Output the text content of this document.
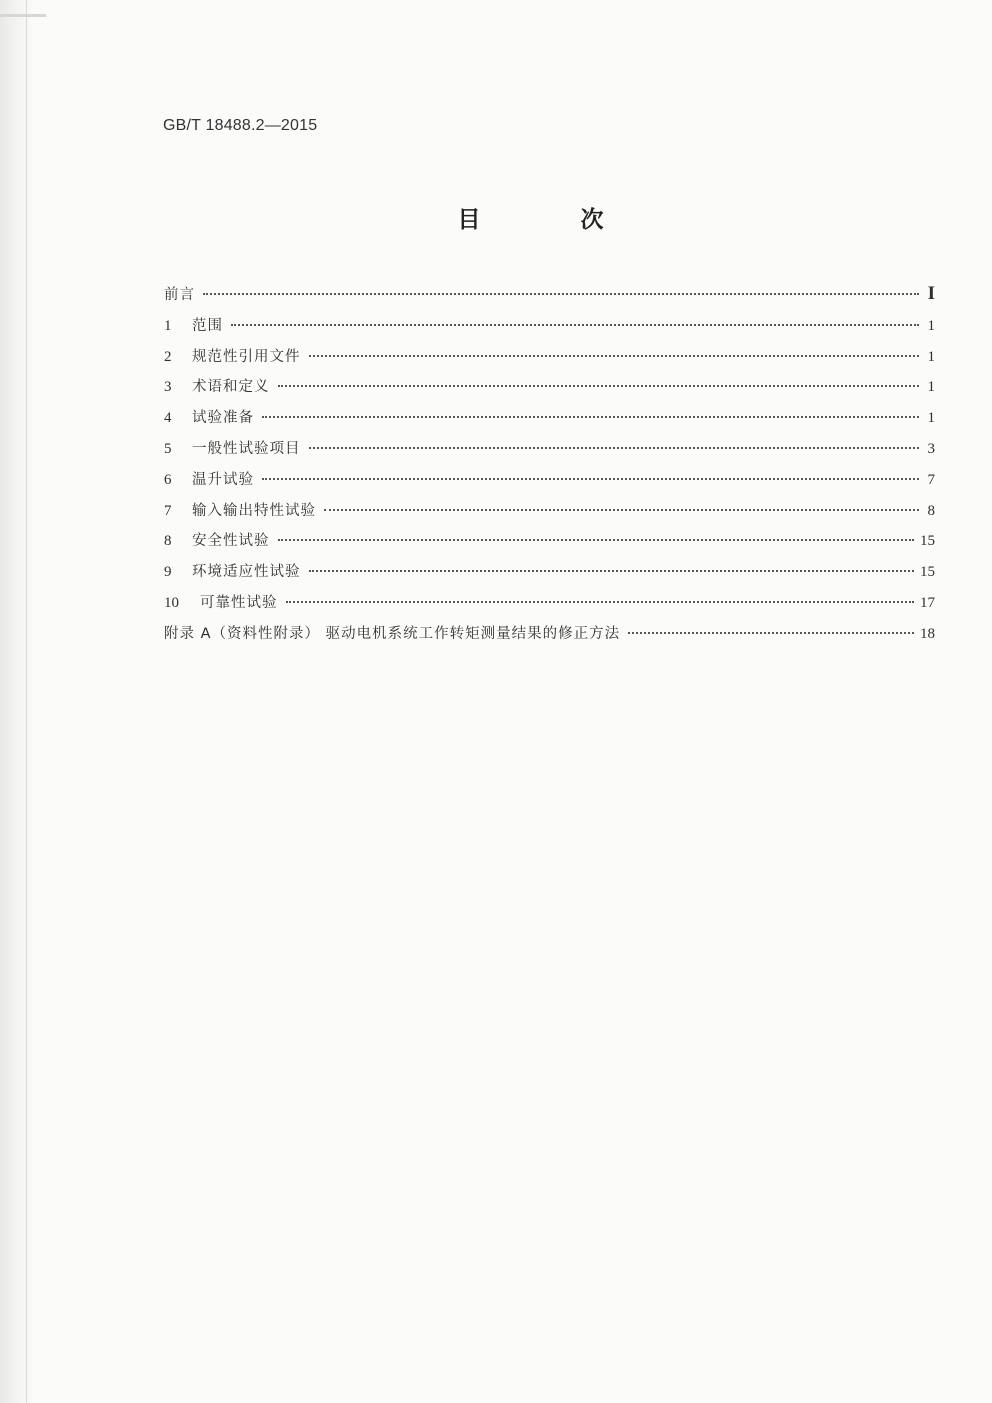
GB/T 18488.2—2015
目 次
前言	I
1	范围	1
2	规范性引用文件	1
3	术语和定义	1
4	试验准备	1
5	一般性试验项目	3
6	温升试验	7
7	输入输出特性试验	8
8	安全性试验	15
9	环境适应性试验	15
10	可靠性试验	17
附录 A（资料性附录） 驱动电机系统工作转矩测量结果的修正方法	18
